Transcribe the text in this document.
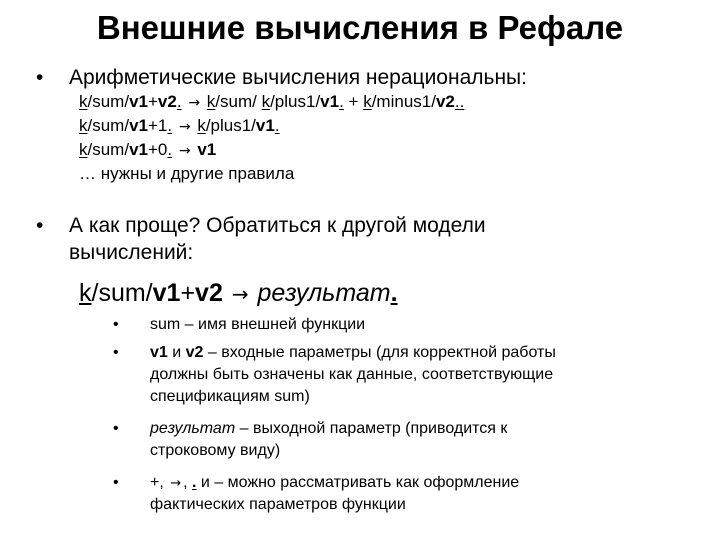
Внешние вычисления в Рефале
• Арифметические вычисления нерациональны:
k/sum/v1+v2. → k/sum/ k/plus1/v1. + k/minus1/v2..
k/sum/v1+1. → k/plus1/v1.
k/sum/v1+0. → v1
… нужны и другие правила
• А как проще? Обратиться к другой модели
вычислений:
k/sum/v1+v2 → результат.
• sum – имя внешней функции
• v1 и v2 – входные параметры (для корректной работы
должны быть означены как данные, соответствующие
спецификациям sum)
• результат – выходной параметр (приводится к
строковому виду)
• +, → , . и – можно рассматривать как оформление
фактических параметров функции
